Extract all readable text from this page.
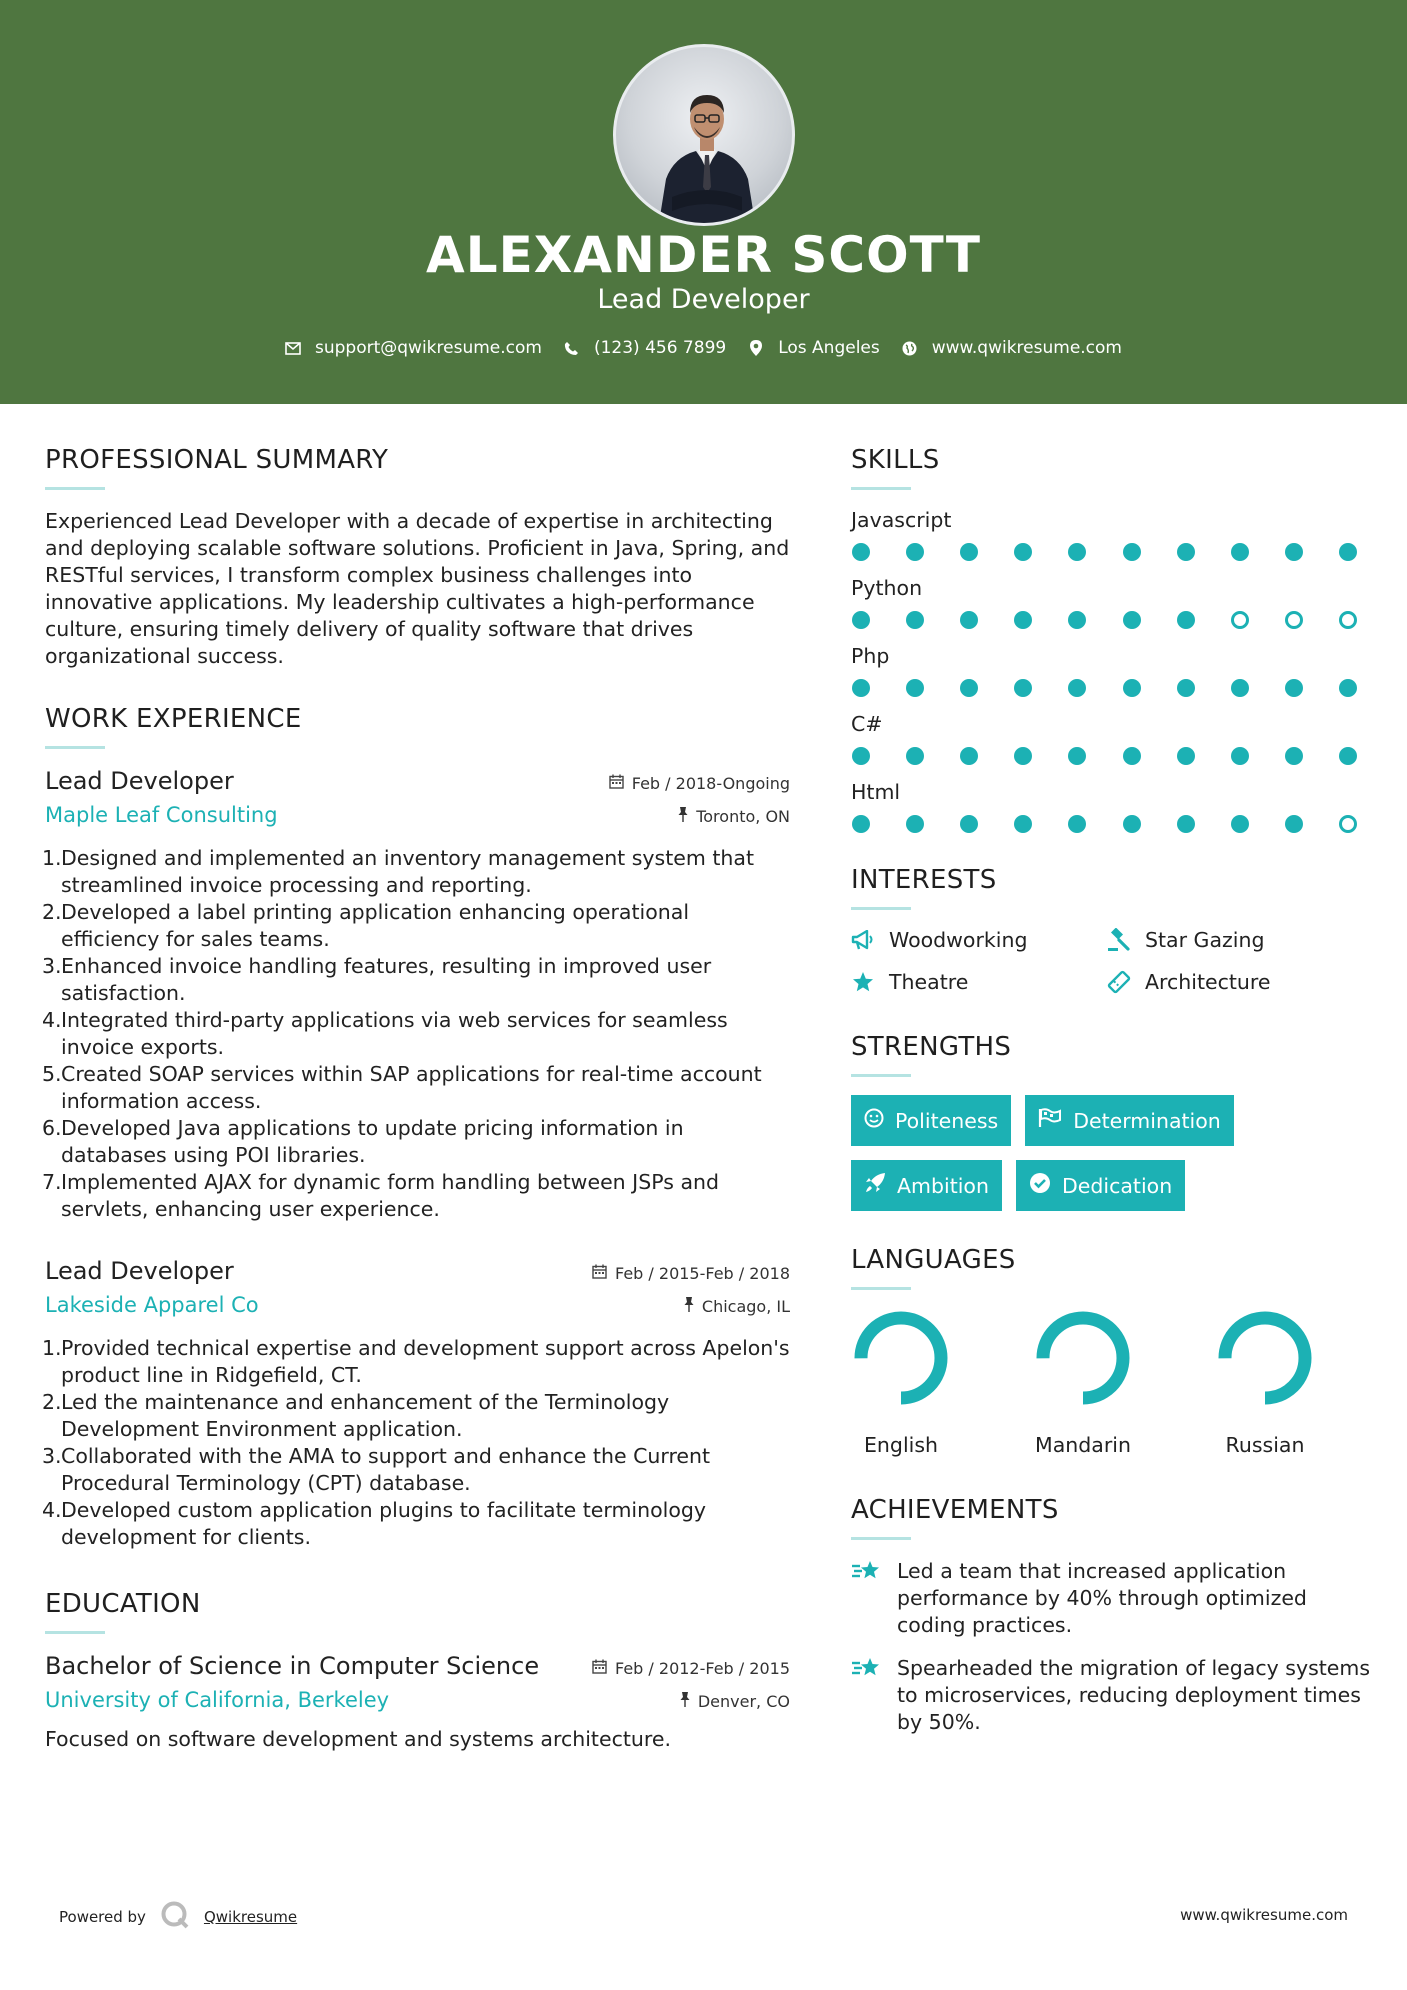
ALEXANDER SCOTT
Lead Developer
support@qwikresume.com	(123) 456 7899	Los Angeles	www.qwikresume.com
PROFESSIONAL SUMMARY
Experienced Lead Developer with a decade of expertise in architecting and deploying scalable software solutions. Proficient in Java, Spring, and RESTful services, I transform complex business challenges into innovative applications. My leadership cultivates a high-performance culture, ensuring timely delivery of quality software that drives organizational success.
WORK EXPERIENCE
Lead Developer	Feb / 2018-Ongoing
Maple Leaf Consulting	Toronto, ON
1. Designed and implemented an inventory management system that streamlined invoice processing and reporting.
2. Developed a label printing application enhancing operational efficiency for sales teams.
3. Enhanced invoice handling features, resulting in improved user satisfaction.
4. Integrated third-party applications via web services for seamless invoice exports.
5. Created SOAP services within SAP applications for real-time account information access.
6. Developed Java applications to update pricing information in databases using POI libraries.
7. Implemented AJAX for dynamic form handling between JSPs and servlets, enhancing user experience.
Lead Developer	Feb / 2015-Feb / 2018
Lakeside Apparel Co	Chicago, IL
1. Provided technical expertise and development support across Apelon's product line in Ridgefield, CT.
2. Led the maintenance and enhancement of the Terminology Development Environment application.
3. Collaborated with the AMA to support and enhance the Current Procedural Terminology (CPT) database.
4. Developed custom application plugins to facilitate terminology development for clients.
EDUCATION
Bachelor of Science in Computer Science	Feb / 2012-Feb / 2015
University of California, Berkeley	Denver, CO
Focused on software development and systems architecture.
SKILLS
Javascript
Python
Php
C#
Html
INTERESTS
Woodworking	Star Gazing
Theatre	Architecture
STRENGTHS
Politeness	Determination
Ambition	Dedication
LANGUAGES
English	Mandarin	Russian
ACHIEVEMENTS
Led a team that increased application performance by 40% through optimized coding practices.
Spearheaded the migration of legacy systems to microservices, reducing deployment times by 50%.
Powered by	Qwikresume	www.qwikresume.com
